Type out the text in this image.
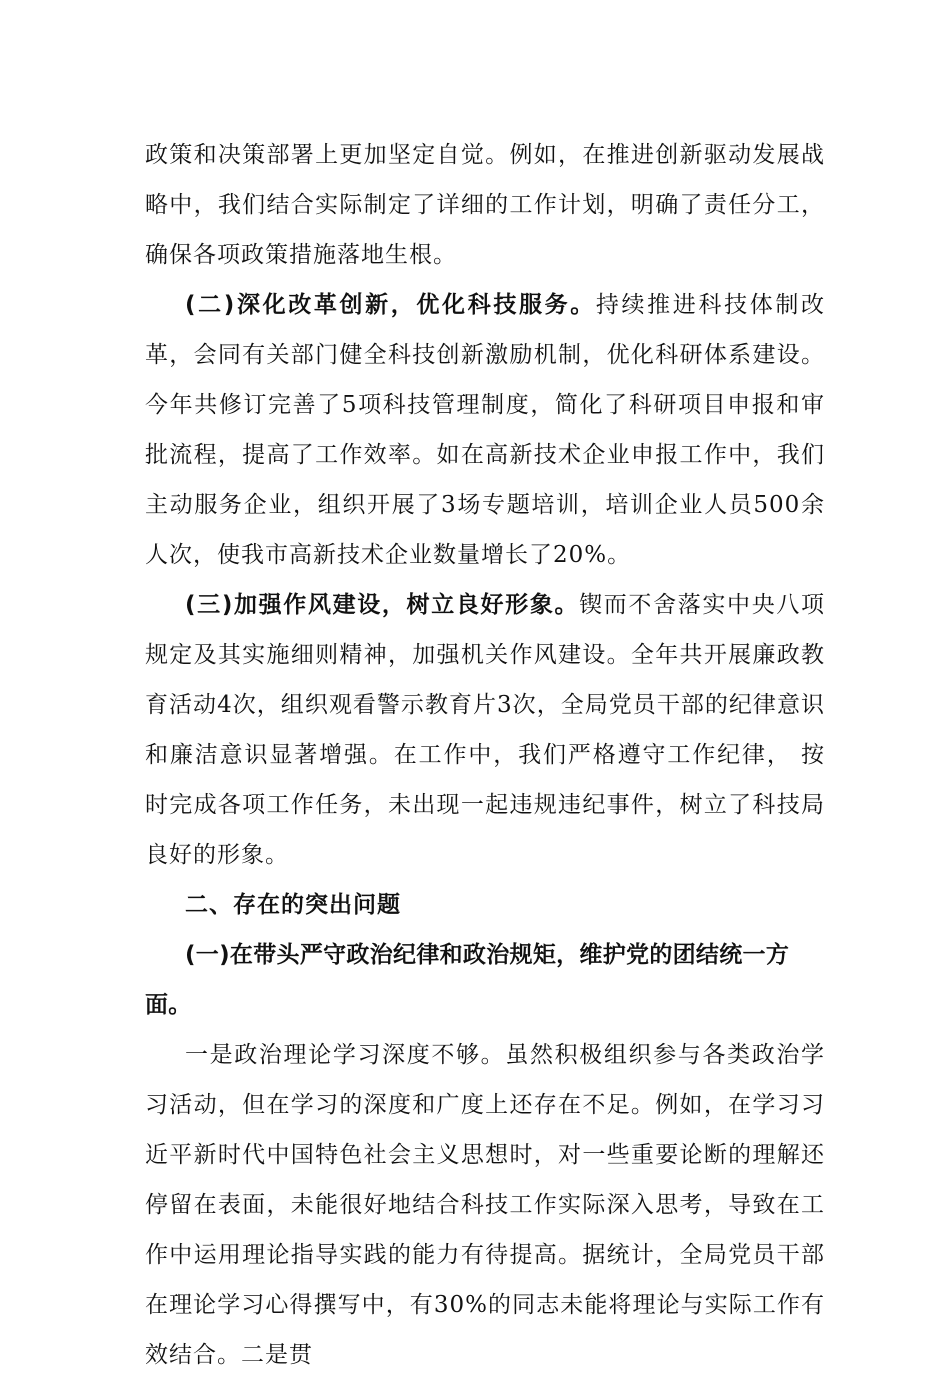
政策和决策部署上更加坚定自觉。例如，在推进创新驱动发展战略中，我们结合实际制定了详细的工作计划，明确了责任分工，确保各项政策措施落地生根。

(二)深化改革创新，优化科技服务。持续推进科技体制改革，会同有关部门健全科技创新激励机制，优化科研体系建设。 今年共修订完善了5项科技管理制度，简化了科研项目申报和审批流程，提高了工作效率。如在高新技术企业申报工作中，我们主动服务企业，组织开展了3场专题培训，培训企业人员500余人次，使我市高新技术企业数量增长了20%。

(三)加强作风建设，树立良好形象。锲而不舍落实中央八项规定及其实施细则精神，加强机关作风建设。全年共开展廉政教育活动4次，组织观看警示教育片3次，全局党员干部的纪律意识和廉洁意识显著增强。在工作中，我们严格遵守工作纪律， 按时完成各项工作任务，未出现一起违规违纪事件，树立了科技局良好的形象。

二、存在的突出问题

(一)在带头严守政治纪律和政治规矩，维护党的团结统一方面。

一是政治理论学习深度不够。虽然积极组织参与各类政治学习活动，但在学习的深度和广度上还存在不足。例如，在学习习近平新时代中国特色社会主义思想时，对一些重要论断的理解还停留在表面，未能很好地结合科技工作实际深入思考，导致在工作中运用理论指导实践的能力有待提高。据统计，全局党员干部在理论学习心得撰写中，有30%的同志未能将理论与实际工作有效结合。二是贯
